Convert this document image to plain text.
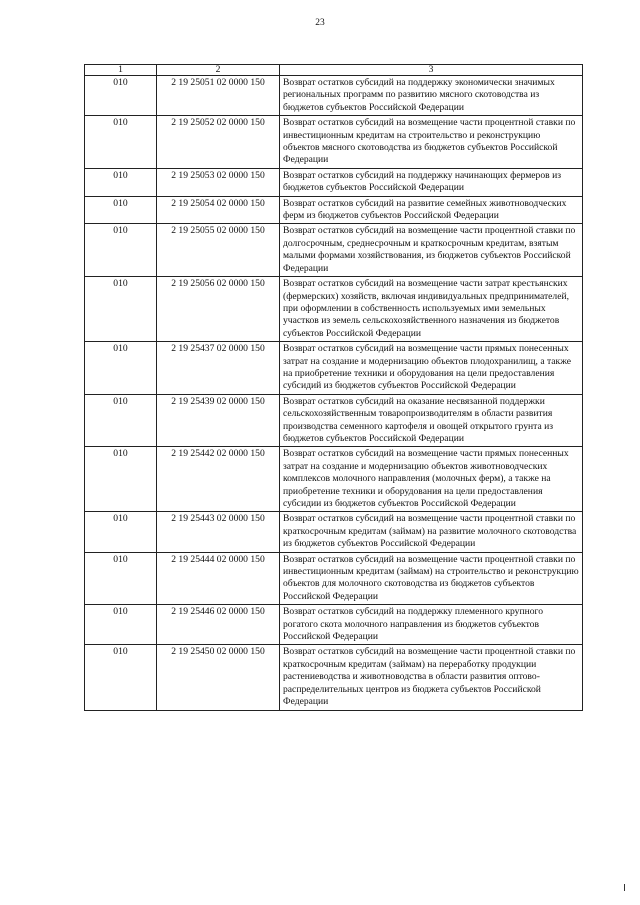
23
1	2	3
010	2 19 25051 02 0000 150	Возврат остатков субсидий на поддержку экономически значимых региональных программ по развитию мясного скотоводства из бюджетов субъектов Российской Федерации
010	2 19 25052 02 0000 150	Возврат остатков субсидий на возмещение части процентной ставки по инвестиционным кредитам на строительство и реконструкцию объектов мясного скотоводства из бюджетов субъектов Российской Федерации
010	2 19 25053 02 0000 150	Возврат остатков субсидий на поддержку начинающих фермеров из бюджетов субъектов Российской Федерации
010	2 19 25054 02 0000 150	Возврат остатков субсидий на развитие семейных животноводческих ферм из бюджетов субъектов Российской Федерации
010	2 19 25055 02 0000 150	Возврат остатков субсидий на возмещение части процентной ставки по долгосрочным, среднесрочным и краткосрочным кредитам, взятым малыми формами хозяйствования, из бюджетов субъектов Российской Федерации
010	2 19 25056 02 0000 150	Возврат остатков субсидий на возмещение части затрат крестьянских (фермерских) хозяйств, включая индивидуальных предпринимателей, при оформлении в собственность используемых ими земельных участков из земель сельскохозяйственного назначения из бюджетов субъектов Российской Федерации
010	2 19 25437 02 0000 150	Возврат остатков субсидий на возмещение части прямых понесенных затрат на создание и модернизацию объектов плодохранилищ, а также на приобретение техники и оборудования на цели предоставления субсидий из бюджетов субъектов Российской Федерации
010	2 19 25439 02 0000 150	Возврат остатков субсидий на оказание несвязанной поддержки сельскохозяйственным товаропроизводителям в области развития производства семенного картофеля и овощей открытого грунта из бюджетов субъектов Российской Федерации
010	2 19 25442 02 0000 150	Возврат остатков субсидий на возмещение части прямых понесенных затрат на создание и модернизацию объектов животноводческих комплексов молочного направления (молочных ферм), а также на приобретение техники и оборудования на цели предоставления субсидии из бюджетов субъектов Российской Федерации
010	2 19 25443 02 0000 150	Возврат остатков субсидий на возмещение части процентной ставки по краткосрочным кредитам (займам) на развитие молочного скотоводства из бюджетов субъектов Российской Федерации
010	2 19 25444 02 0000 150	Возврат остатков субсидий на возмещение части процентной ставки по инвестиционным кредитам (займам) на строительство и реконструкцию объектов для молочного скотоводства из бюджетов субъектов Российской Федерации
010	2 19 25446 02 0000 150	Возврат остатков субсидий на поддержку племенного крупного рогатого скота молочного направления из бюджетов субъектов Российской Федерации
010	2 19 25450 02 0000 150	Возврат остатков субсидий на возмещение части процентной ставки по краткосрочным кредитам (займам) на переработку продукции растениеводства и животноводства в области развития оптово-распределительных центров из бюджета субъектов Российской Федерации
